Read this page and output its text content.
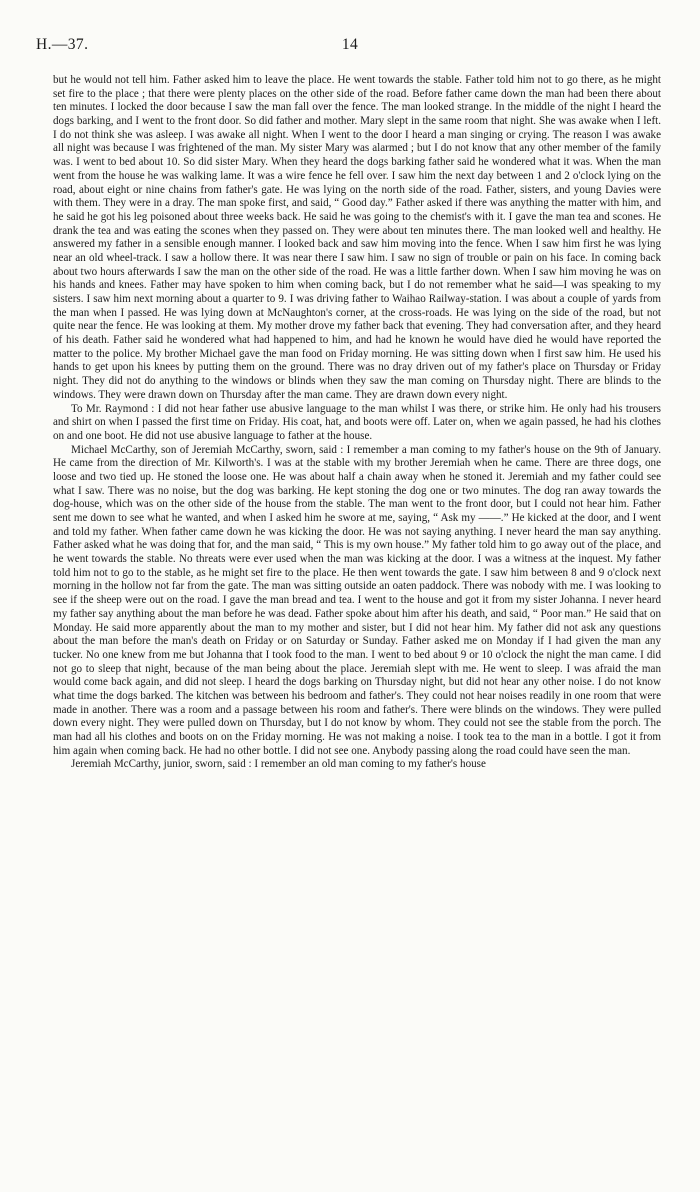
H.—37.	14

but he would not tell him. Father asked him to leave the place. He went towards the stable. Father told him not to go there, as he might set fire to the place ; that there were plenty places on the other side of the road. Before father came down the man had been there about ten minutes. I locked the door because I saw the man fall over the fence. The man looked strange. In the middle of the night I heard the dogs barking, and I went to the front door. So did father and mother. Mary slept in the same room that night. She was awake when I left. I do not think she was asleep. I was awake all night. When I went to the door I heard a man singing or crying. The reason I was awake all night was because I was frightened of the man. My sister Mary was alarmed ; but I do not know that any other member of the family was. I went to bed about 10. So did sister Mary. When they heard the dogs barking father said he wondered what it was. When the man went from the house he was walking lame. It was a wire fence he fell over. I saw him the next day between 1 and 2 o'clock lying on the road, about eight or nine chains from father's gate. He was lying on the north side of the road. Father, sisters, and young Davies were with them. They were in a dray. The man spoke first, and said, “ Good day.” Father asked if there was anything the matter with him, and he said he got his leg poisoned about three weeks back. He said he was going to the chemist's with it. I gave the man tea and scones. He drank the tea and was eating the scones when they passed on. They were about ten minutes there. The man looked well and healthy. He answered my father in a sensible enough manner. I looked back and saw him moving into the fence. When I saw him first he was lying near an old wheel-track. I saw a hollow there. It was near there I saw him. I saw no sign of trouble or pain on his face. In coming back about two hours afterwards I saw the man on the other side of the road. He was a little farther down. When I saw him moving he was on his hands and knees. Father may have spoken to him when coming back, but I do not remember what he said—I was speaking to my sisters. I saw him next morning about a quarter to 9. I was driving father to Waihao Railway-station. I was about a couple of yards from the man when I passed. He was lying down at McNaughton's corner, at the cross-roads. He was lying on the side of the road, but not quite near the fence. He was looking at them. My mother drove my father back that evening. They had conversation after, and they heard of his death. Father said he wondered what had happened to him, and had he known he would have died he would have reported the matter to the police. My brother Michael gave the man food on Friday morning. He was sitting down when I first saw him. He used his hands to get upon his knees by putting them on the ground. There was no dray driven out of my father's place on Thursday or Friday night. They did not do anything to the windows or blinds when they saw the man coming on Thursday night. There are blinds to the windows. They were drawn down on Thursday after the man came. They are drawn down every night.

To Mr. Raymond : I did not hear father use abusive language to the man whilst I was there, or strike him. He only had his trousers and shirt on when I passed the first time on Friday. His coat, hat, and boots were off. Later on, when we again passed, he had his clothes on and one boot. He did not use abusive language to father at the house.

Michael McCarthy, son of Jeremiah McCarthy, sworn, said : I remember a man coming to my father's house on the 9th of January. He came from the direction of Mr. Kilworth's. I was at the stable with my brother Jeremiah when he came. There are three dogs, one loose and two tied up. He stoned the loose one. He was about half a chain away when he stoned it. Jeremiah and my father could see what I saw. There was no noise, but the dog was barking. He kept stoning the dog one or two minutes. The dog ran away towards the dog-house, which was on the other side of the house from the stable. The man went to the front door, but I could not hear him. Father sent me down to see what he wanted, and when I asked him he swore at me, saying, “ Ask my ——.” He kicked at the door, and I went and told my father. When father came down he was kicking the door. He was not saying anything. I never heard the man say anything. Father asked what he was doing that for, and the man said, “ This is my own house.” My father told him to go away out of the place, and he went towards the stable. No threats were ever used when the man was kicking at the door. I was a witness at the inquest. My father told him not to go to the stable, as he might set fire to the place. He then went towards the gate. I saw him between 8 and 9 o'clock next morning in the hollow not far from the gate. The man was sitting outside an oaten paddock. There was nobody with me. I was looking to see if the sheep were out on the road. I gave the man bread and tea. I went to the house and got it from my sister Johanna. I never heard my father say anything about the man before he was dead. Father spoke about him after his death, and said, “ Poor man.” He said that on Monday. He said more apparently about the man to my mother and sister, but I did not hear him. My father did not ask any questions about the man before the man's death on Friday or on Saturday or Sunday. Father asked me on Monday if I had given the man any tucker. No one knew from me but Johanna that I took food to the man. I went to bed about 9 or 10 o'clock the night the man came. I did not go to sleep that night, because of the man being about the place. Jeremiah slept with me. He went to sleep. I was afraid the man would come back again, and did not sleep. I heard the dogs barking on Thursday night, but did not hear any other noise. I do not know what time the dogs barked. The kitchen was between his bedroom and father's. They could not hear noises readily in one room that were made in another. There was a room and a passage between his room and father's. There were blinds on the windows. They were pulled down every night. They were pulled down on Thursday, but I do not know by whom. They could not see the stable from the porch. The man had all his clothes and boots on on the Friday morning. He was not making a noise. I took tea to the man in a bottle. I got it from him again when coming back. He had no other bottle. I did not see one. Anybody passing along the road could have seen the man.

Jeremiah McCarthy, junior, sworn, said : I remember an old man coming to my father's house
